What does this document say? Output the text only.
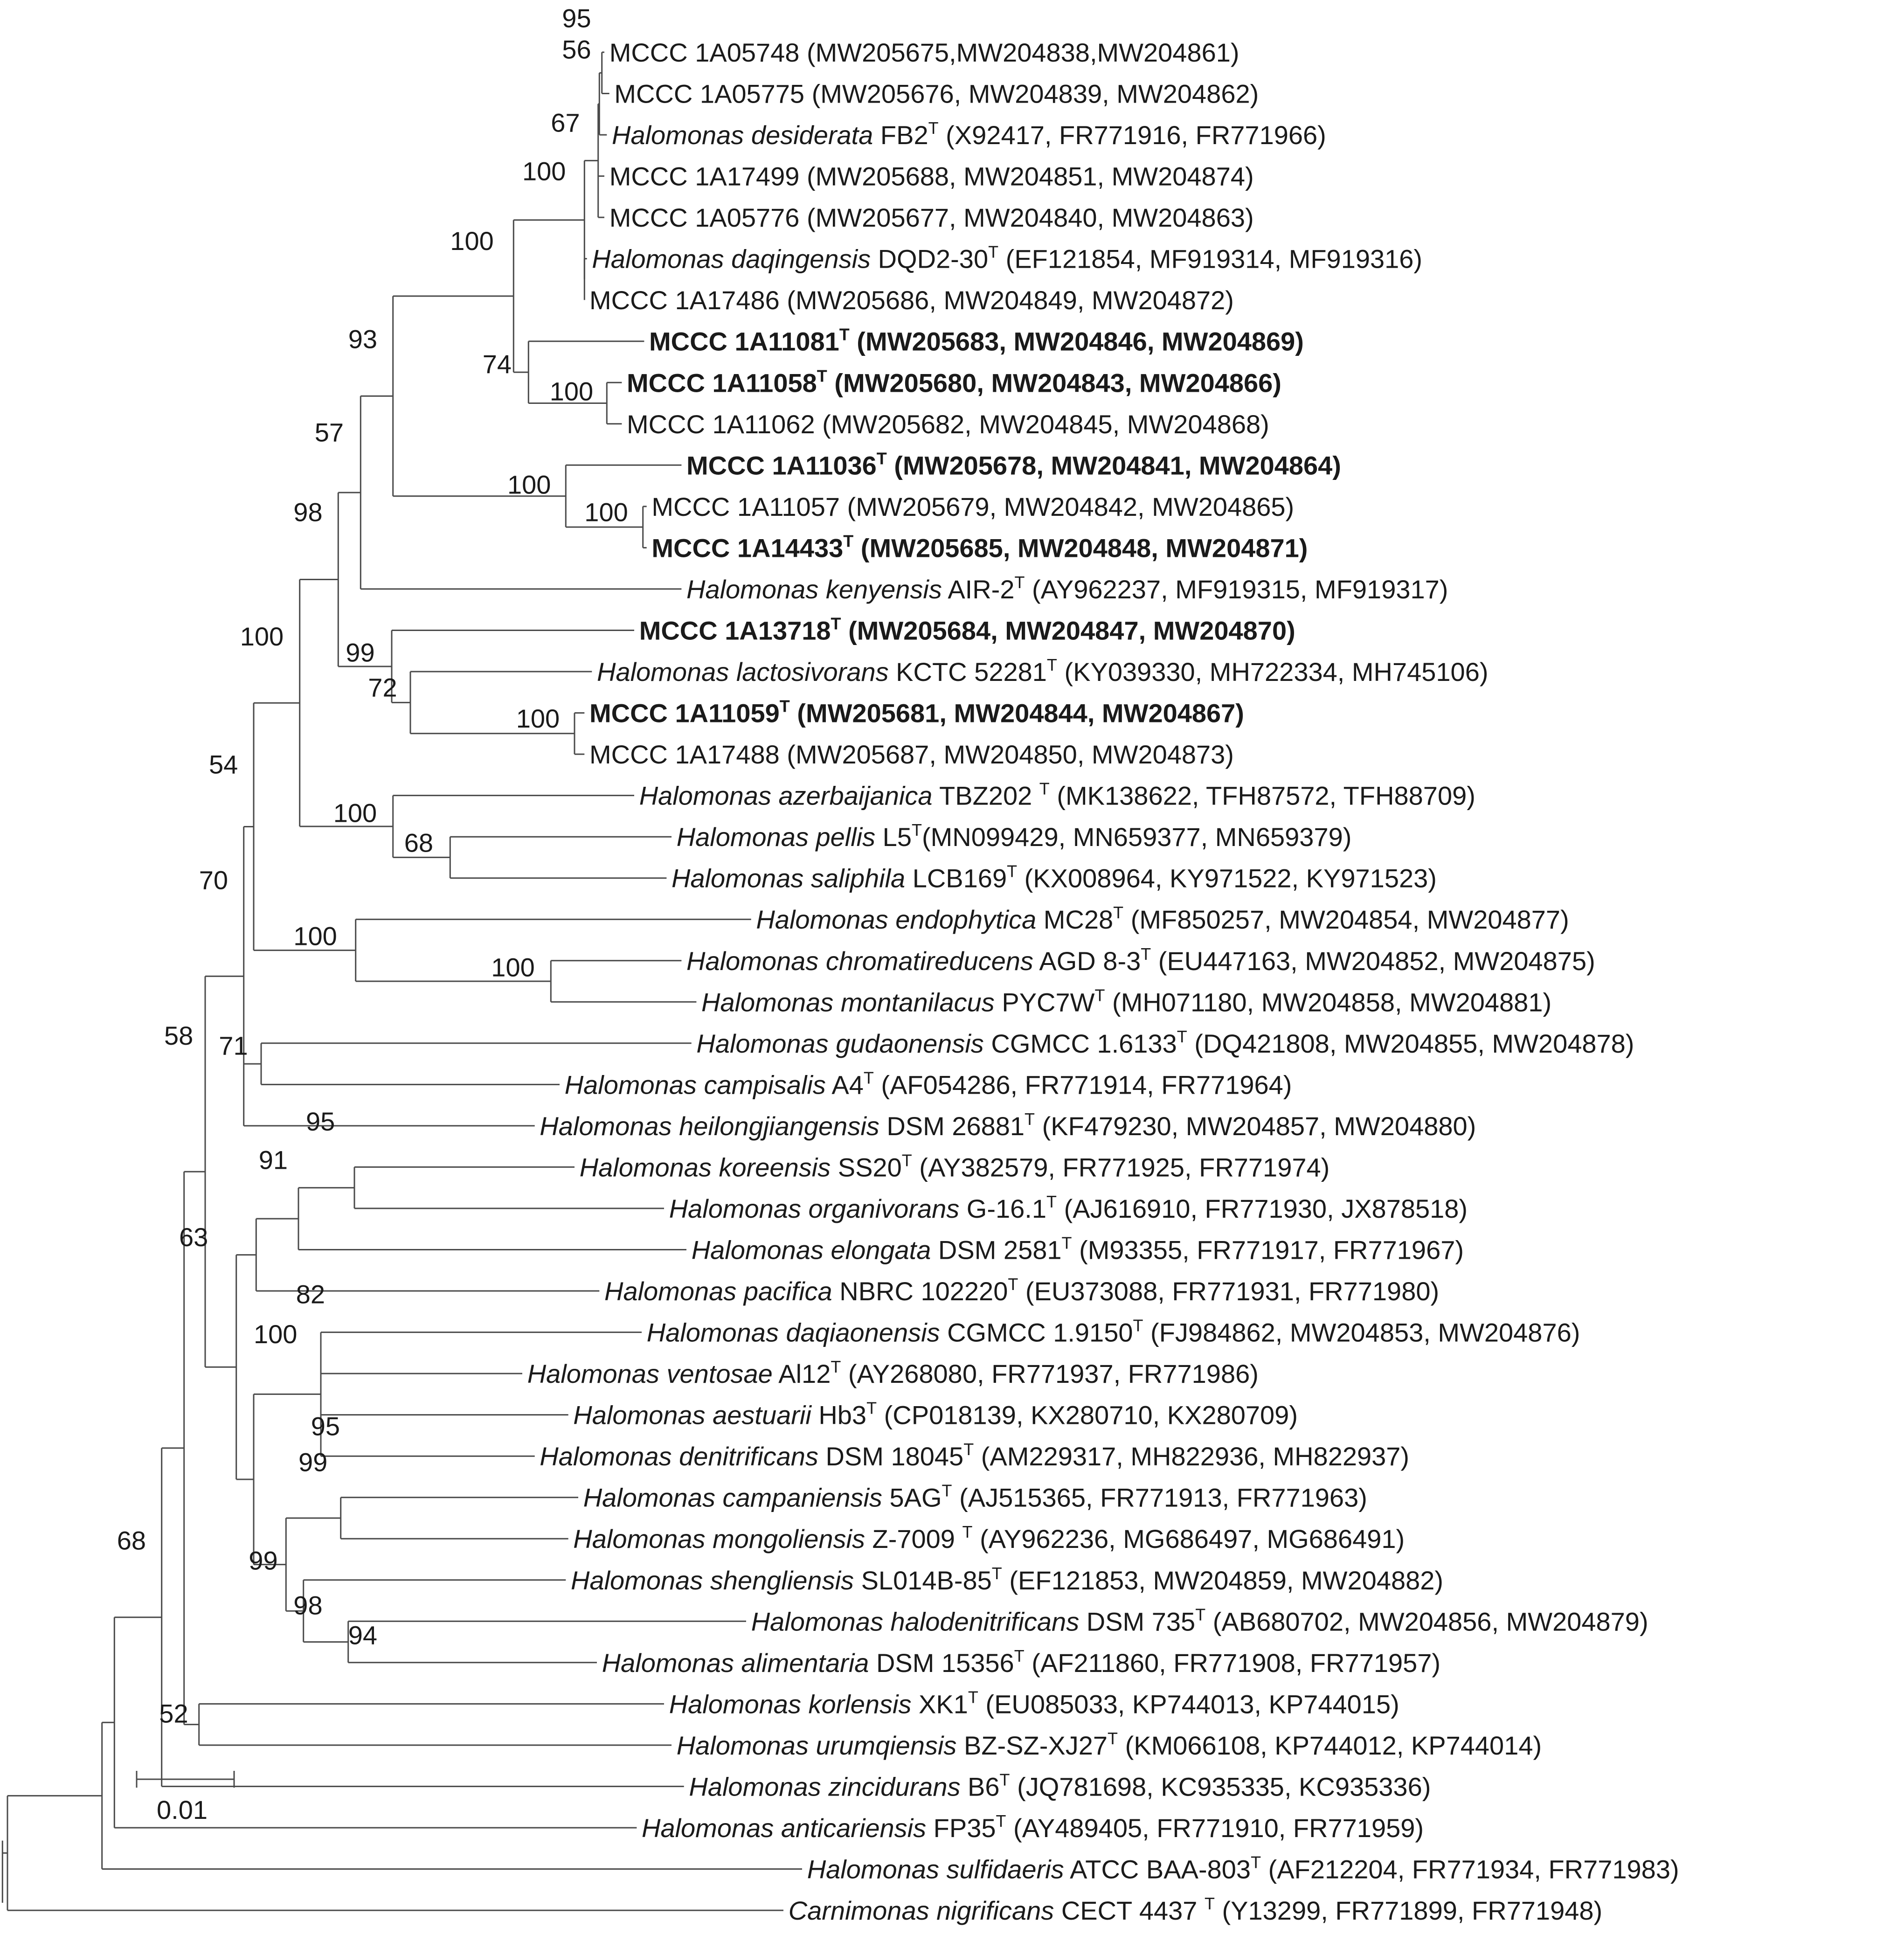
MCCC 1A05748 (MW205675,MW204838,MW204861)
MCCC 1A05775 (MW205676, MW204839, MW204862)
Halomonas desiderata $FB2^T$ (X92417, FR771916, FR771966)
MCCC 1A17499 (MW205688, MW204851, MW204874)
MCCC 1A05776 (MW205677, MW204840, MW204863)
Halomonas daqingensis $DQD2-30^T$ (EF121854, MF919314, MF919316)
MCCC 1A17486 (MW205686, MW204849, MW204872)
MCCC $1A11081^T$ (MW205683, MW204846, MW204869)
MCCC $1A11058^T$ (MW205680, MW204843, MW204866)
MCCC 1A11062 (MW205682, MW204845, MW204868)
MCCC $1A11036^T$ (MW205678, MW204841, MW204864)
MCCC 1A11057 (MW205679, MW204842, MW204865)
MCCC $1A14433^T$ (MW205685, MW204848, MW204871)
Halomonas kenyensis AIR-$2^T$ (AY962237, MF919315, MF919317)
MCCC $1A13718^T$ (MW205684, MW204847, MW204870)
Halomonas lactosivorans KCTC $52281^T$ (KY039330, MH722334, MH745106)
MCCC $1A11059^T$ (MW205681, MW204844, MW204867)
MCCC 1A17488 (MW205687, MW204850, MW204873)
Halomonas azerbaijanica TBZ202 $^T$ (MK138622, TFH87572, TFH88709)
Halomonas pellis $L5^T(MN099429$, MN659377, MN659379)
Halomonas saliphila $LCB169^T$ (KX008964, KY971522, KY971523)
Halomonas endophytica $MC28^T$ (MF850257, MW204854, MW204877)
Halomonas chromatireducens AGD $8-3^T$ (EU447163, MW204852, MW204875)
Halomonas montanilacus $PYC7W^T$ (MH071180, MW204858, MW204881)
Halomonas gudaonensis CGMCC $1.6133^T$ (DQ421808, MW204855, MW204878)
Halomonas campisalis $A4^T$ (AF054286, FR771914, FR771964)
Halomonas heilongjiangensis DSM $26881^T$ (KF479230, MW204857, MW204880)
Halomonas koreensis $SS20^T$ (AY382579, FR771925, FR771974)
Halomonas organivorans $G-16.1^T$ (AJ616910, FR771930, JX878518)
Halomonas elongata DSM $2581^T$ (M93355, FR771917, FR771967)
Halomonas pacifica NBRC $102220^T$ (EU373088, FR771931, FR771980)
Halomonas daqiaonensis CGMCC $1.9150^T$ (FJ984862, MW204853, MW204876)
Halomonas ventosae $Al12^T$ (AY268080, FR771937, FR771986)
Halomonas aestuarii $Hb3^T$ (CP018139, KX280710, KX280709)
Halomonas denitrificans DSM $18045^T$ (AM229317, MH822936, MH822937)
Halomonas campaniensis $5AG^T$ (AJ515365, FR771913, FR771963)
Halomonas mongoliensis Z-7009 $^T$ (AY962236, MG686497, MG686491)
Halomonas shengliensis $SL014B-85^T$ (EF121853, MW204859, MW204882)
Halomonas halodenitrificans DSM $735^T$ (AB680702, MW204856, MW204879)
Halomonas alimentaria DSM $15356^T$ (AF211860, FR771908, FR771957)
Halomonas korlensis $XK1^T$ (EU085033, KP744013, KP744015)
Halomonas urumqiensis $BZ-SZ-XJ27^T$ (KM066108, KP744012, KP744014)
Halomonas zincidurans $B6^T$ (JQ781698, KC935335, KC935336)
Halomonas anticariensis $FP35^T$ (AY489405, FR771910, FR771959)
Halomonas sulfidaeris ATCC BAA-$803^T$ (AF212204, FR771934, FR771983)
Carnimonas nigrificans CECT 4437 $^T$ (Y13299, FR771899, FR771948)
95
56
67
100
100
93
74
100
57
100
100
98
99
72
100
100
100
68
70
100
100
54
58 71
95
91
63
82
100
95
99
99
98
94
68
52
0.01
